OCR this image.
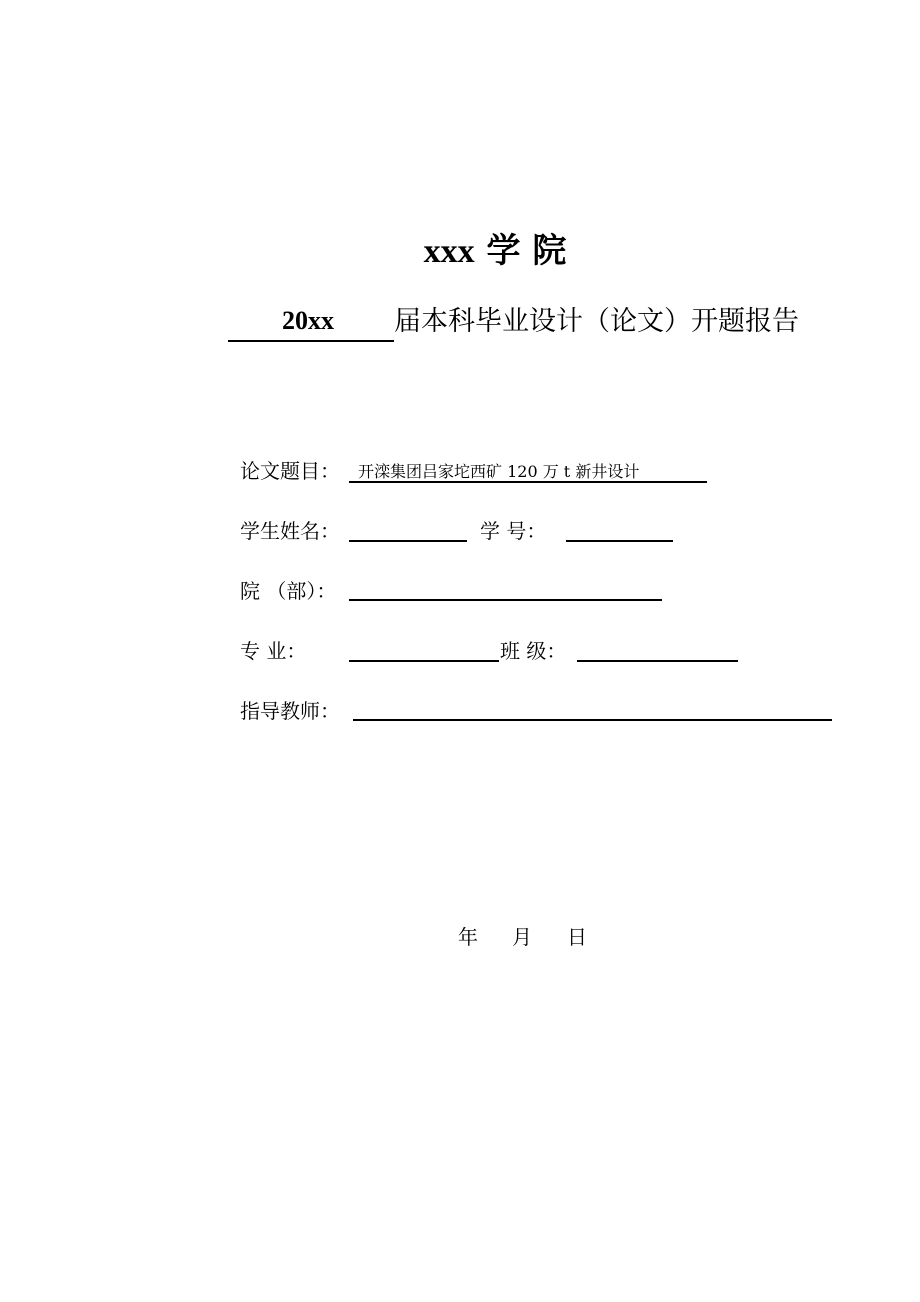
xxx 学 院
20xx 届本科毕业设计（论文）开题报告
论文题目： 开滦集团吕家坨西矿 120 万 t 新井设计
学生姓名：	学 号：
院 （部）：
专 业：	班 级：
指导教师：
年 月 日
